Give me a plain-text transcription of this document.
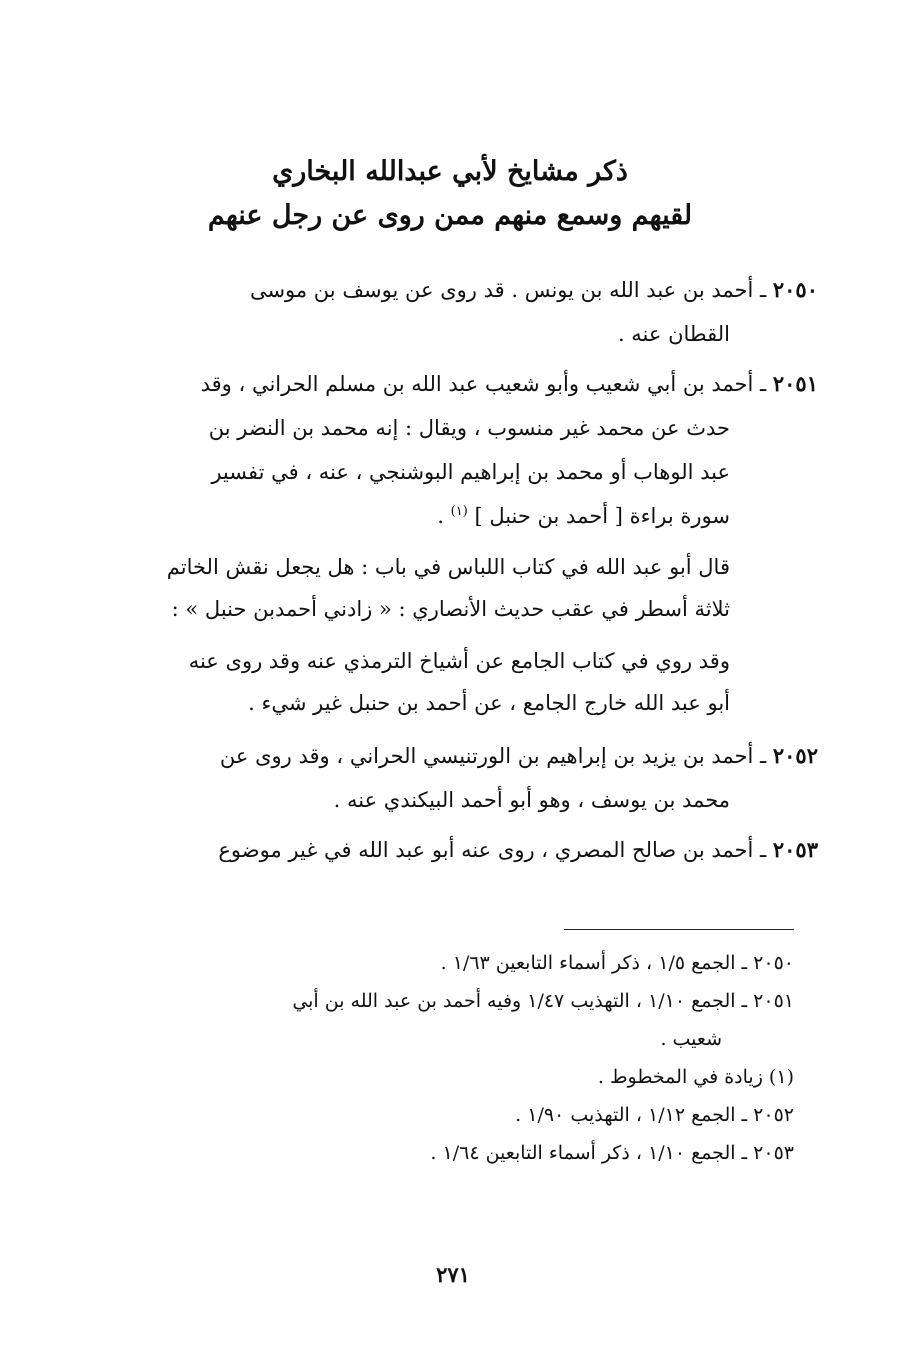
ذكر مشايخ لأبي عبدالله البخاري
لقيهم وسمع منهم ممن روى عن رجل عنهم
٢٠٥٠ ـ أحمد بن عبد الله بن يونس . قد روى عن يوسف بن موسى
القطان عنه .
٢٠٥١ ـ أحمد بن أبي شعيب وأبو شعيب عبد الله بن مسلم الحراني ، وقد
حدث عن محمد غير منسوب ، ويقال : إنه محمد بن النضر بن
عبد الوهاب أو محمد بن إبراهيم البوشنجي ، عنه ، في تفسير
سورة براءة [ أحمد بن حنبل ] $^{(١)}$ .
قال أبو عبد الله في كتاب اللباس في باب : هل يجعل نقش الخاتم
ثلاثة أسطر في عقب حديث الأنصاري : « زادني أحمدبن حنبل » :
وقد روي في كتاب الجامع عن أشياخ الترمذي عنه وقد روى عنه
أبو عبد الله خارج الجامع ، عن أحمد بن حنبل غير شيء .
٢٠٥٢ ـ أحمد بن يزيد بن إبراهيم بن الورتنيسي الحراني ، وقد روى عن
محمد بن يوسف ، وهو أبو أحمد البيكندي عنه .
٢٠٥٣ ـ أحمد بن صالح المصري ، روى عنه أبو عبد الله في غير موضوع
٢٠٥٠ ـ الجمع ١/٥ ، ذكر أسماء التابعين ١/٦٣ .
٢٠٥١ ـ الجمع ١/١٠ ، التهذيب ١/٤٧ وفيه أحمد بن عبد الله بن أبي
شعيب .
(١) زيادة في المخطوط .
٢٠٥٢ ـ الجمع ١/١٢ ، التهذيب ١/٩٠ .
٢٠٥٣ ـ الجمع ١/١٠ ، ذكر أسماء التابعين ١/٦٤ .
٢٧١
